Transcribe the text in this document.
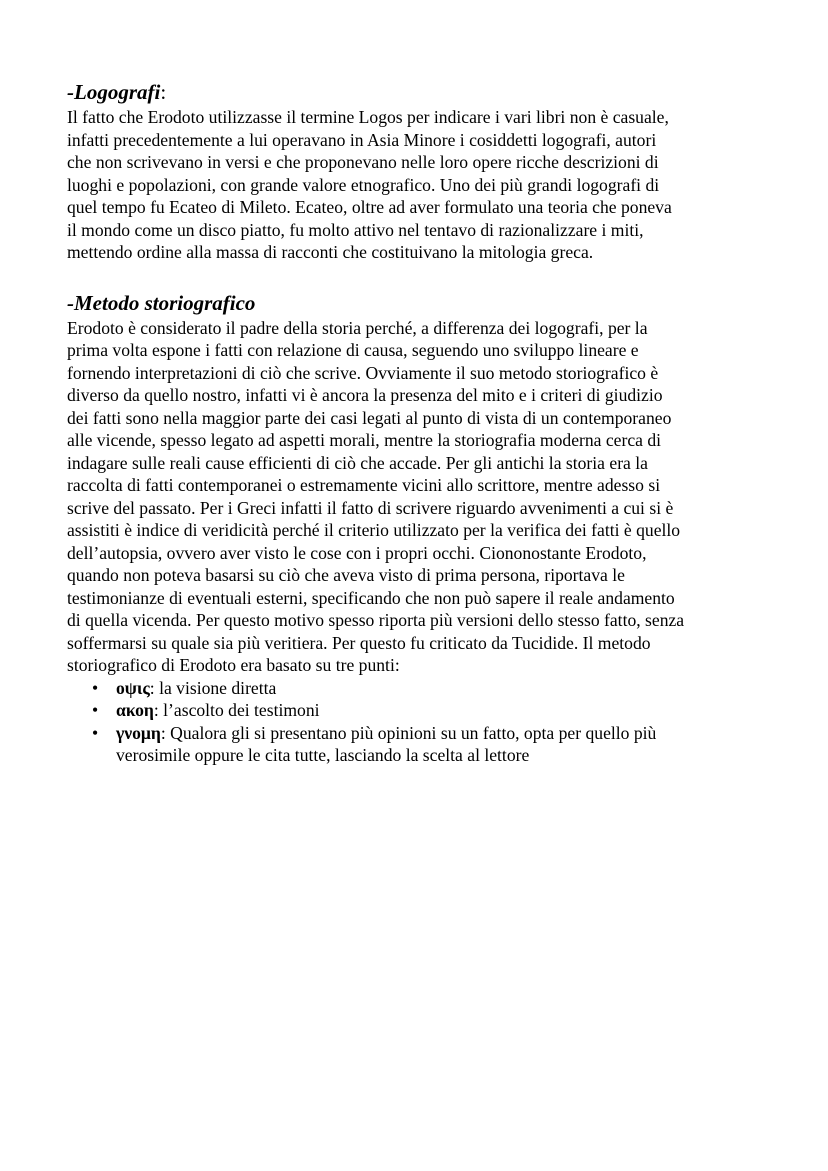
-Logografi:

Il fatto che Erodoto utilizzasse il termine Logos per indicare i vari libri non è casuale,
infatti precedentemente a lui operavano in Asia Minore i cosiddetti logografi, autori
che non scrivevano in versi e che proponevano nelle loro opere ricche descrizioni di
luoghi e popolazioni, con grande valore etnografico. Uno dei più grandi logografi di
quel tempo fu Ecateo di Mileto. Ecateo, oltre ad aver formulato una teoria che poneva
il mondo come un disco piatto, fu molto attivo nel tentavo di razionalizzare i miti,
mettendo ordine alla massa di racconti che costituivano la mitologia greca.

-Metodo storiografico

Erodoto è considerato il padre della storia perché, a differenza dei logografi, per la
prima volta espone i fatti con relazione di causa, seguendo uno sviluppo lineare e
fornendo interpretazioni di ciò che scrive. Ovviamente il suo metodo storiografico è
diverso da quello nostro, infatti vi è ancora la presenza del mito e i criteri di giudizio
dei fatti sono nella maggior parte dei casi legati al punto di vista di un contemporaneo
alle vicende, spesso legato ad aspetti morali, mentre la storiografia moderna cerca di
indagare sulle reali cause efficienti di ciò che accade. Per gli antichi la storia era la
raccolta di fatti contemporanei o estremamente vicini allo scrittore, mentre adesso si
scrive del passato. Per i Greci infatti il fatto di scrivere riguardo avvenimenti a cui si è
assistiti è indice di veridicità perché il criterio utilizzato per la verifica dei fatti è quello
dell’autopsia, ovvero aver visto le cose con i propri occhi. Ciononostante Erodoto,
quando non poteva basarsi su ciò che aveva visto di prima persona, riportava le
testimonianze di eventuali esterni, specificando che non può sapere il reale andamento
di quella vicenda. Per questo motivo spesso riporta più versioni dello stesso fatto, senza
soffermarsi su quale sia più veritiera. Per questo fu criticato da Tucidide. Il metodo
storiografico di Erodoto era basato su tre punti:

• οψις: la visione diretta
• ακοη: l’ascolto dei testimoni
• γνομη: Qualora gli si presentano più opinioni su un fatto, opta per quello più
verosimile oppure le cita tutte, lasciando la scelta al lettore
